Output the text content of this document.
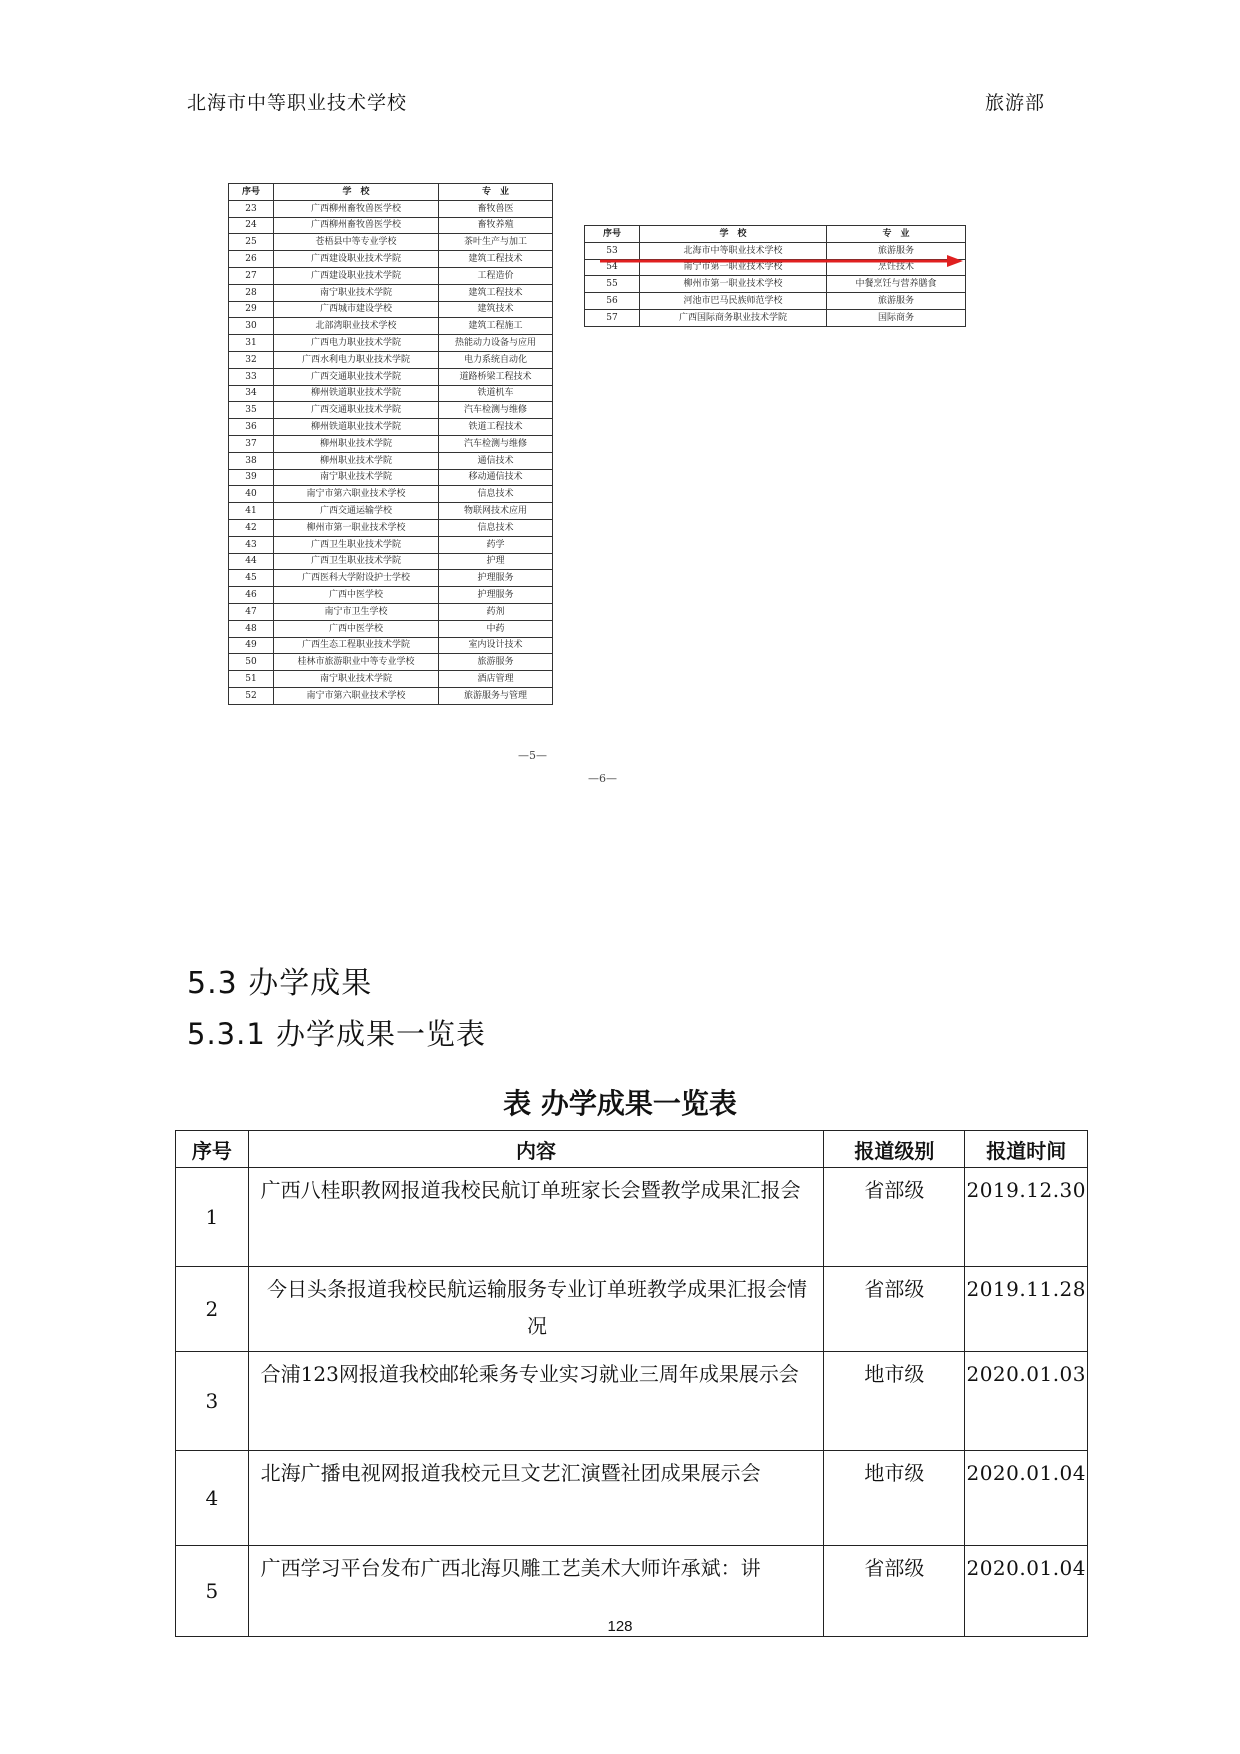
北海市中等职业技术学校	旅游部
序号	学　校	专　业
23	广西柳州畜牧兽医学校	畜牧兽医
24	广西柳州畜牧兽医学校	畜牧养殖
25	苍梧县中等专业学校	茶叶生产与加工
26	广西建设职业技术学院	建筑工程技术
27	广西建设职业技术学院	工程造价
28	南宁职业技术学院	建筑工程技术
29	广西城市建设学校	建筑技术
30	北部湾职业技术学校	建筑工程施工
31	广西电力职业技术学院	热能动力设备与应用
32	广西水利电力职业技术学院	电力系统自动化
33	广西交通职业技术学院	道路桥梁工程技术
34	柳州铁道职业技术学院	铁道机车
35	广西交通职业技术学院	汽车检测与维修
36	柳州铁道职业技术学院	铁道工程技术
37	柳州职业技术学院	汽车检测与维修
38	柳州职业技术学院	通信技术
39	南宁职业技术学院	移动通信技术
40	南宁市第六职业技术学校	信息技术
41	广西交通运输学校	物联网技术应用
42	柳州市第一职业技术学校	信息技术
43	广西卫生职业技术学院	药学
44	广西卫生职业技术学院	护理
45	广西医科大学附设护士学校	护理服务
46	广西中医学校	护理服务
47	南宁市卫生学校	药剂
48	广西中医学校	中药
49	广西生态工程职业技术学院	室内设计技术
50	桂林市旅游职业中等专业学校	旅游服务
51	南宁职业技术学院	酒店管理
52	南宁市第六职业技术学校	旅游服务与管理
—5—
序号	学　校	专　业
53	北海市中等职业技术学校	旅游服务
54	南宁市第一职业技术学校	烹饪技术
55	柳州市第一职业技术学校	中餐烹饪与营养膳食
56	河池市巴马民族师范学校	旅游服务
57	广西国际商务职业技术学院	国际商务
—6—
5.3 办学成果
5.3.1 办学成果一览表
表 办学成果一览表
序号	内容	报道级别	报道时间
1	广西八桂职教网报道我校民航订单班家长会暨教学成果汇报会	省部级	2019.12.30
2	今日头条报道我校民航运输服务专业订单班教学成果汇报会情况	省部级	2019.11.28
3	合浦123网报道我校邮轮乘务专业实习就业三周年成果展示会	地市级	2020.01.03
4	北海广播电视网报道我校元旦文艺汇演暨社团成果展示会	地市级	2020.01.04
5	广西学习平台发布广西北海贝雕工艺美术大师许承斌：讲	省部级	2020.01.04
128
